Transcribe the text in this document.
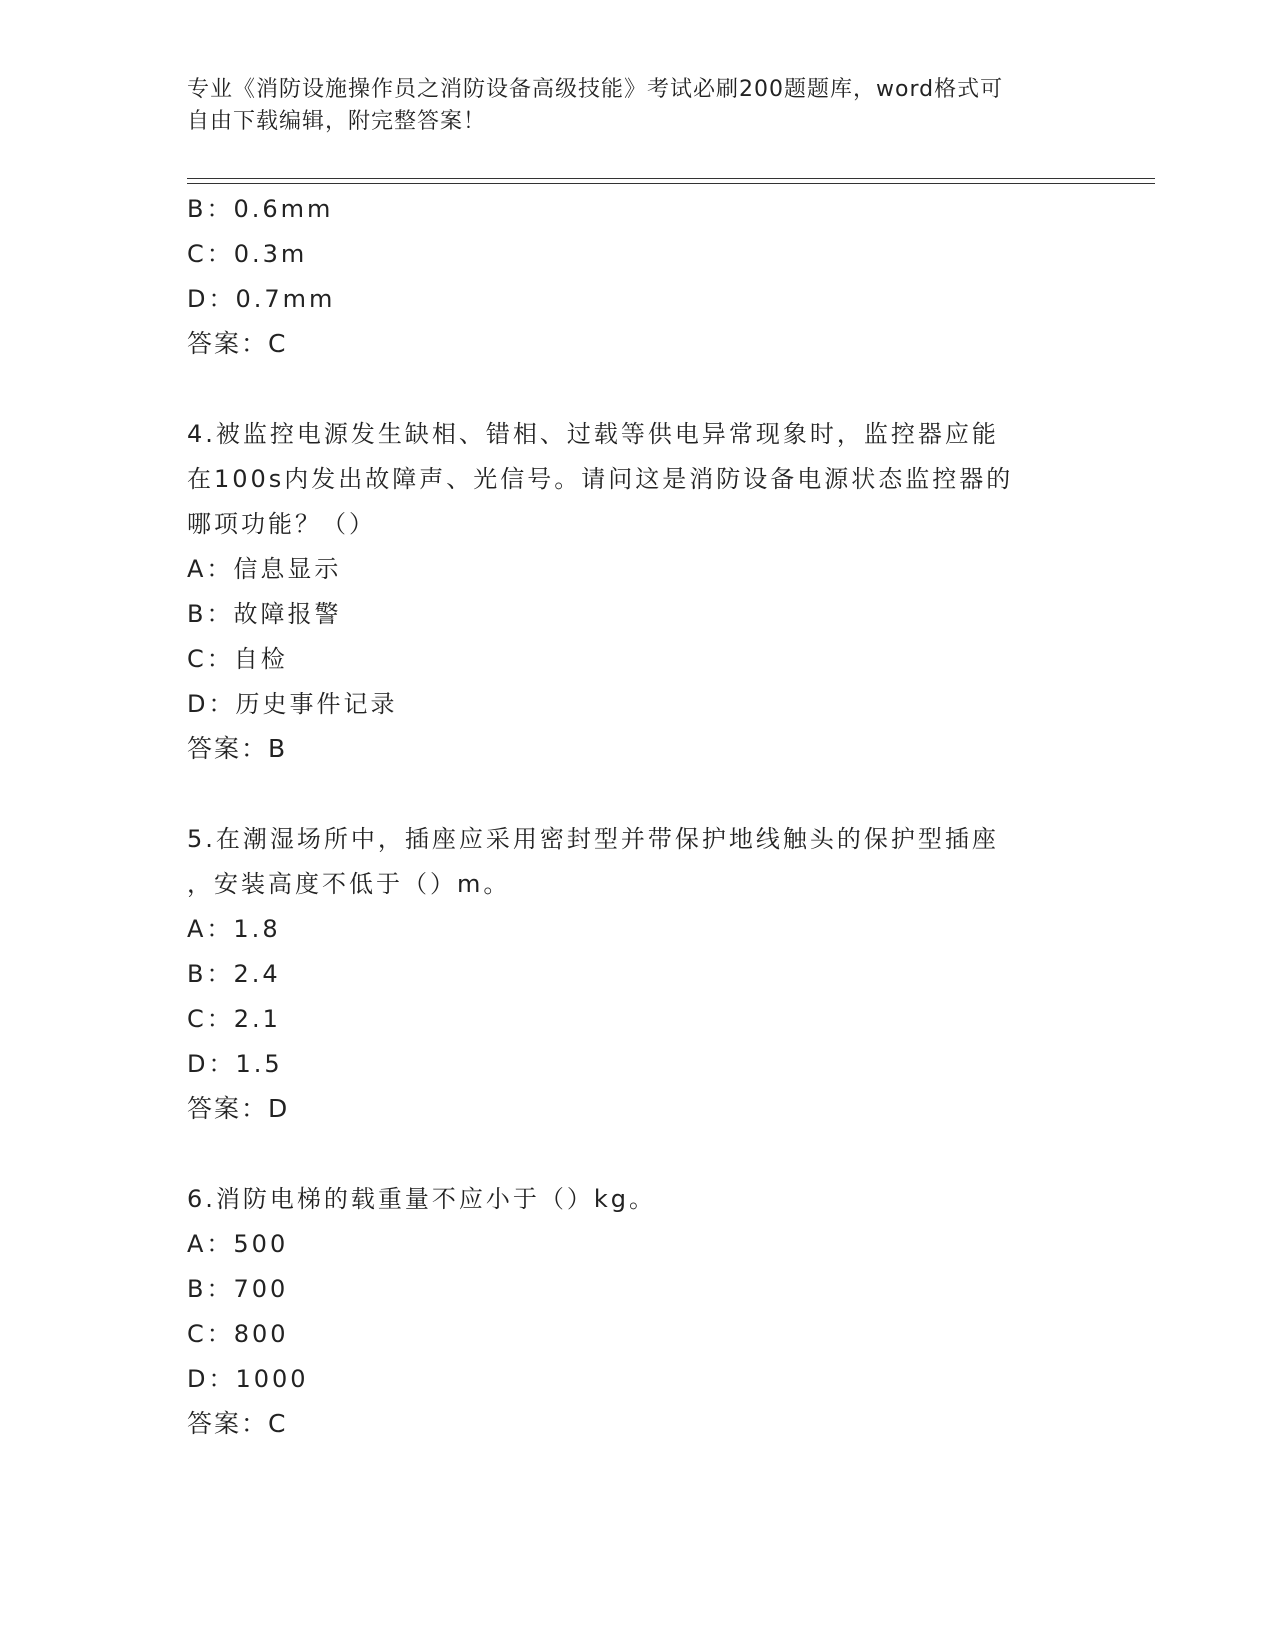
专业《消防设施操作员之消防设备高级技能》考试必刷200题题库，word格式可
自由下载编辑，附完整答案！
B：0.6mm
C：0.3m
D：0.7mm
答案：C
4.被监控电源发生缺相、错相、过载等供电异常现象时，监控器应能
在100s内发出故障声、光信号。请问这是消防设备电源状态监控器的
哪项功能？（）
A：信息显示
B：故障报警
C：自检
D：历史事件记录
答案：B
5.在潮湿场所中，插座应采用密封型并带保护地线触头的保护型插座
，安装高度不低于（）m。
A：1.8
B：2.4
C：2.1
D：1.5
答案：D
6.消防电梯的载重量不应小于（）kg。
A：500
B：700
C：800
D：1000
答案：C
